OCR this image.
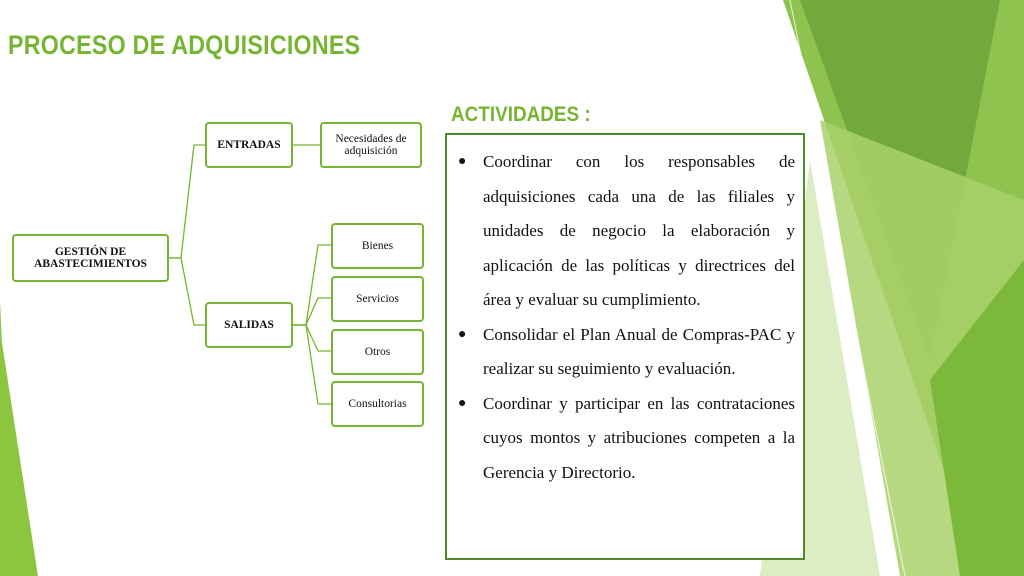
PROCESO DE ADQUISICIONES
GESTIÓN DE ABASTECIMIENTOS
ENTRADAS	Necesidades de adquisición
SALIDAS
Bienes
Servicios
Otros
Consultorias
ACTIVIDADES :
● Coordinar con los responsables de adquisiciones cada una de las filiales y unidades de negocio la elaboración y aplicación de las políticas y directrices del área y evaluar su cumplimiento.
● Consolidar el Plan Anual de Compras-PAC y realizar su seguimiento y evaluación.
● Coordinar y participar en las contrataciones cuyos montos y atribuciones competen a la Gerencia y Directorio.
